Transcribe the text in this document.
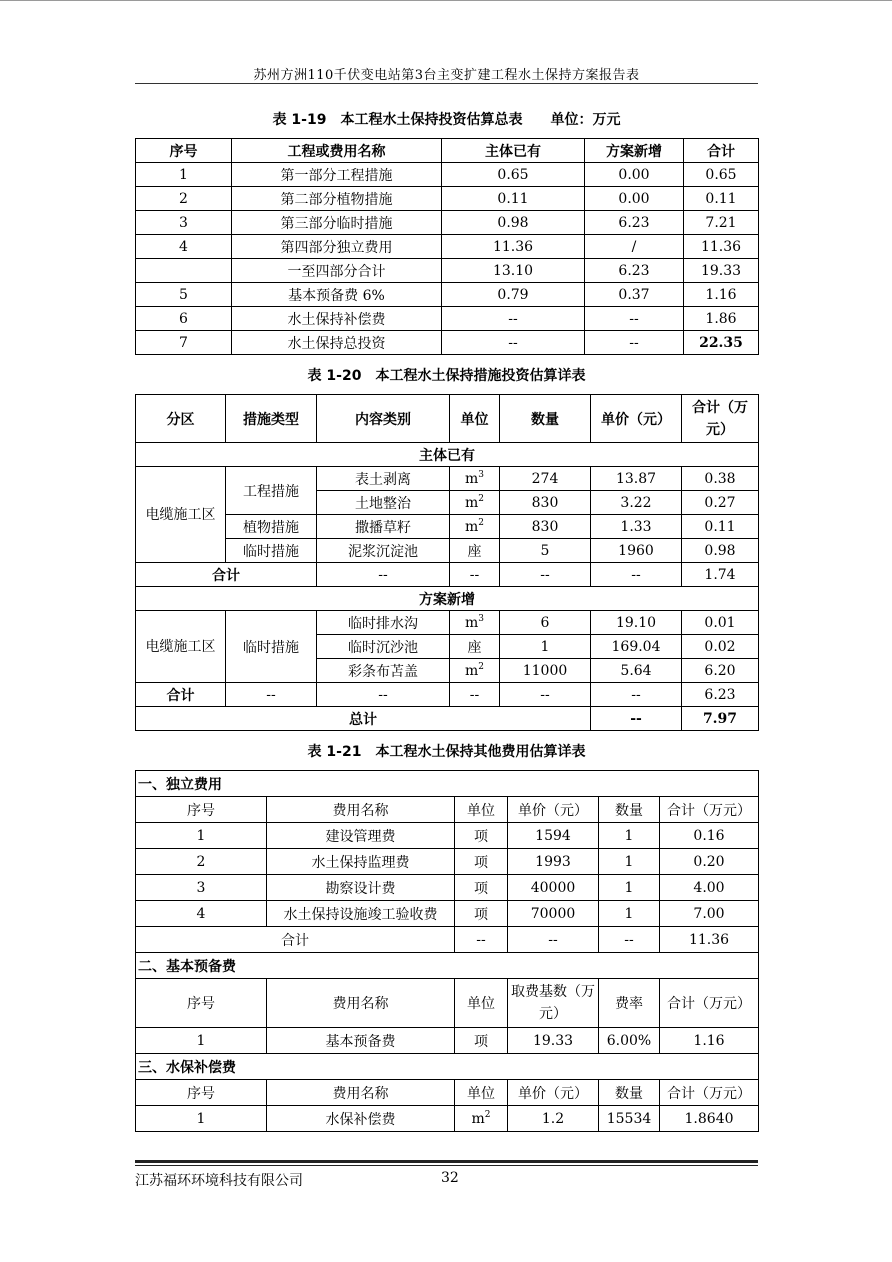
苏州方洲110千伏变电站第3台主变扩建工程水土保持方案报告表
表 1-19　本工程水土保持投资估算总表　　单位：万元
序号	工程或费用名称	主体已有	方案新增	合计
1	第一部分工程措施	0.65	0.00	0.65
2	第二部分植物措施	0.11	0.00	0.11
3	第三部分临时措施	0.98	6.23	7.21
4	第四部分独立费用	11.36	/	11.36
	一至四部分合计	13.10	6.23	19.33
5	基本预备费 6%	0.79	0.37	1.16
6	水土保持补偿费	--	--	1.86
7	水土保持总投资	--	--	22.35
表 1-20　本工程水土保持措施投资估算详表
分区	措施类型	内容类别	单位	数量	单价（元）	合计（万元）
主体已有						
电缆施工区	工程措施	表土剥离	$m^3$	274	13.87	0.38
		土地整治	$m^2$	830	3.22	0.27
	植物措施	撒播草籽	$m^2$	830	1.33	0.11
	临时措施	泥浆沉淀池	座	5	1960	0.98
合计		--	--	--	--	1.74
方案新增						
电缆施工区	临时措施	临时排水沟	$m^3$	6	19.10	0.01
		临时沉沙池	座	1	169.04	0.02
		彩条布苫盖	$m^2$	11000	5.64	6.20
合计	--	--	--	--	--	6.23
总计					--	7.97
表 1-21　本工程水土保持其他费用估算详表
一、独立费用					
序号	费用名称	单位	单价（元）	数量	合计（万元）
1	建设管理费	项	1594	1	0.16
2	水土保持监理费	项	1993	1	0.20
3	勘察设计费	项	40000	1	4.00
4	水土保持设施竣工验收费	项	70000	1	7.00
合计		--	--	--	11.36
二、基本预备费					
序号	费用名称	单位	取费基数（万元）	费率	合计（万元）
1	基本预备费	项	19.33	6.00%	1.16
三、水保补偿费					
序号	费用名称	单位	单价（元）	数量	合计（万元）
1	水保补偿费	$m^2$	1.2	15534	1.8640
江苏福环环境科技有限公司	32
